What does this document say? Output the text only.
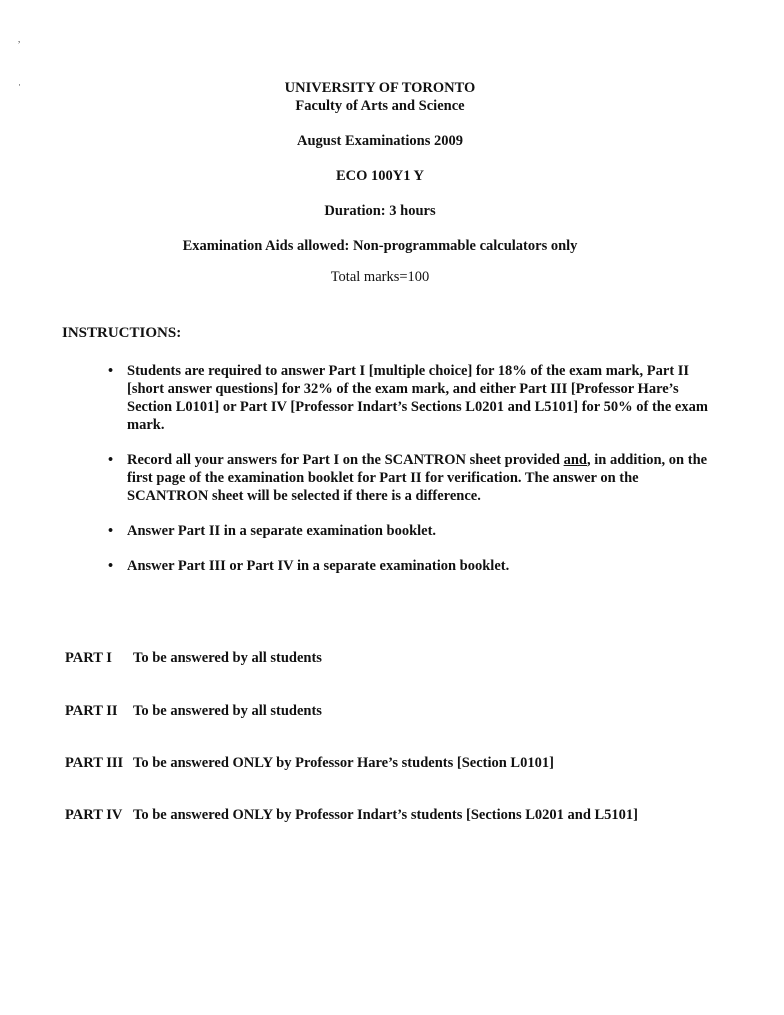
,
·	UNIVERSITY OF TORONTO
Faculty of Arts and Science
August Examinations 2009
ECO 100Y1 Y
Duration: 3 hours
Examination Aids allowed: Non-programmable calculators only
Total marks=100
INSTRUCTIONS:
• Students are required to answer Part I [multiple choice] for 18% of the exam mark, Part II [short answer questions] for 32% of the exam mark, and either Part III [Professor Hare’s Section L0101] or Part IV [Professor Indart’s Sections L0201 and L5101] for 50% of the exam mark.
• Record all your answers for Part I on the SCANTRON sheet provided and, in addition, on the first page of the examination booklet for Part II for verification. The answer on the SCANTRON sheet will be selected if there is a difference.
• Answer Part II in a separate examination booklet.
• Answer Part III or Part IV in a separate examination booklet.
PART I To be answered by all students
PART II To be answered by all students
PART III To be answered ONLY by Professor Hare’s students [Section L0101]
PART IV To be answered ONLY by Professor Indart’s students [Sections L0201 and L5101]
